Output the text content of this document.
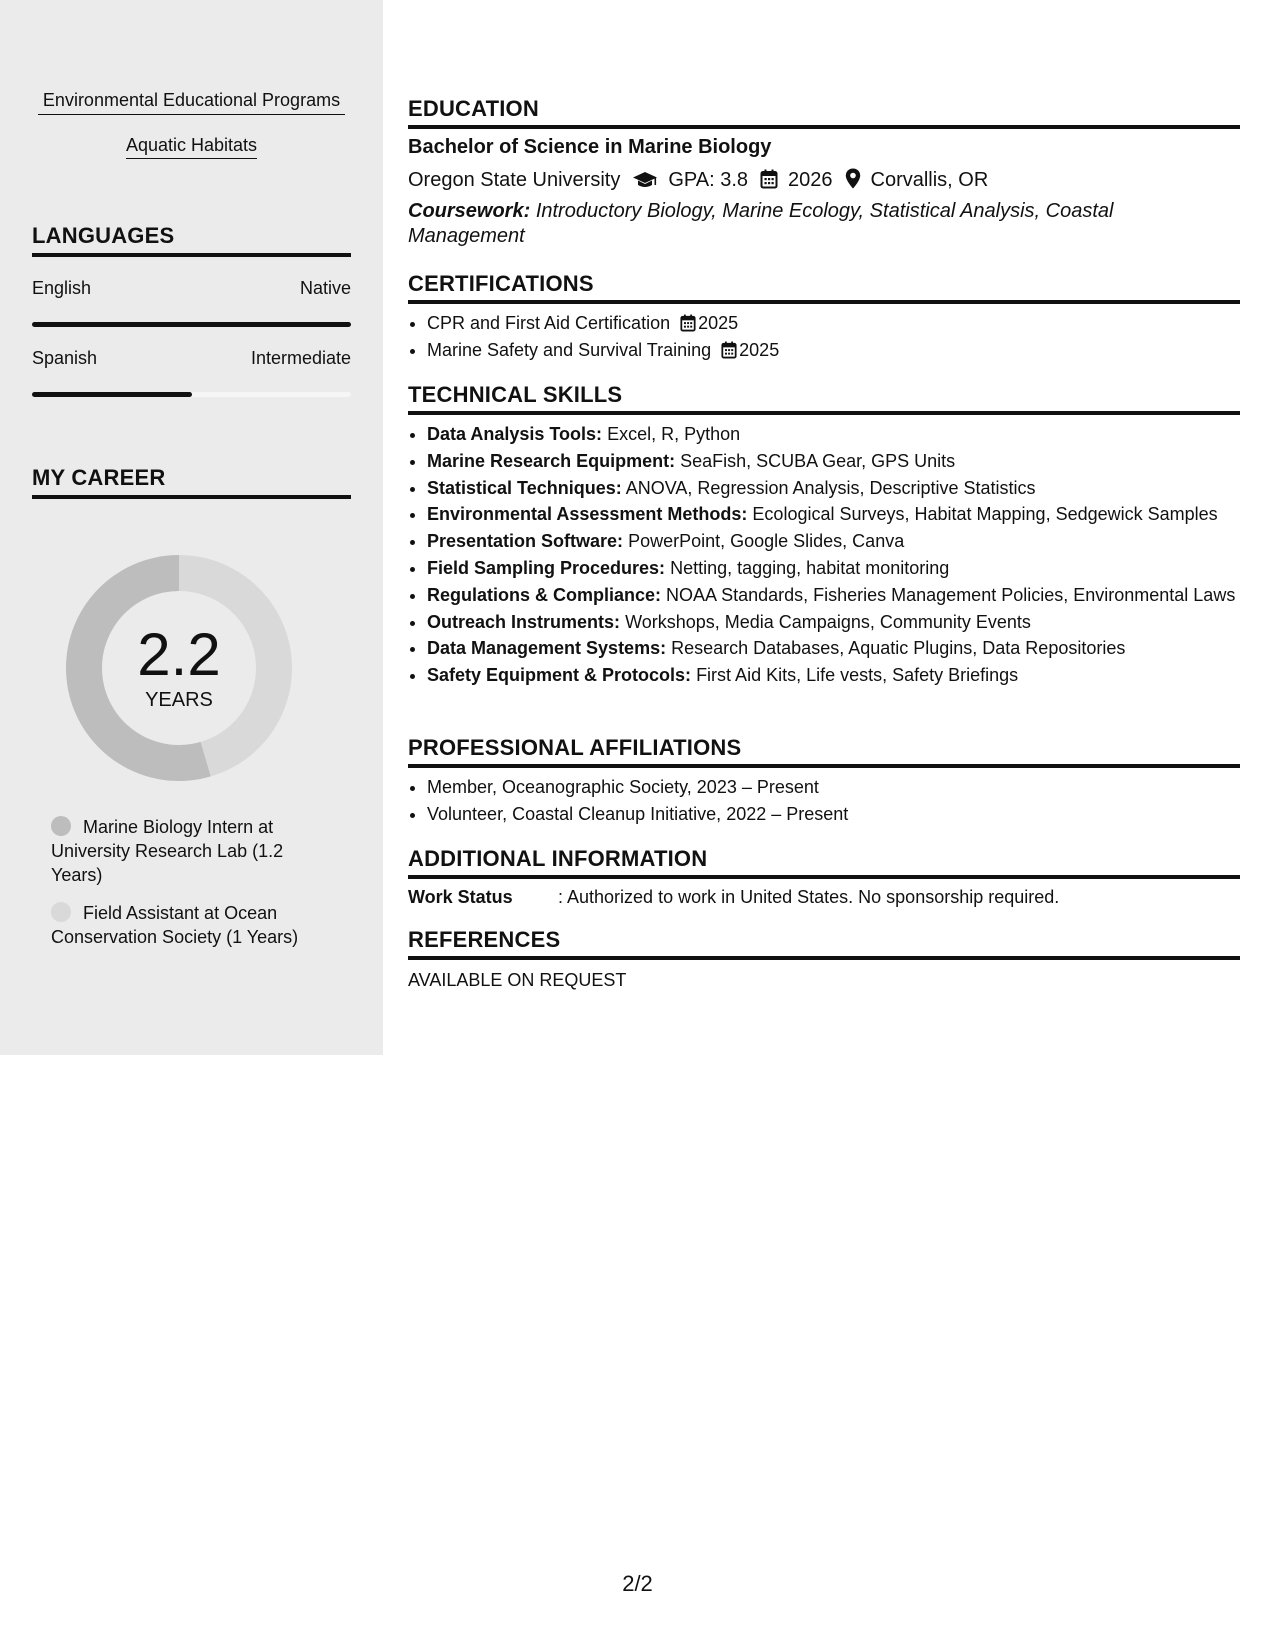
Environmental Educational Programs
Aquatic Habitats
LANGUAGES
English	Native
Spanish	Intermediate
MY CAREER
2.2
YEARS
Marine Biology Intern at University Research Lab (1.2 Years)
Field Assistant at Ocean Conservation Society (1 Years)
EDUCATION
Bachelor of Science in Marine Biology
Oregon State University GPA: 3.8 2026 Corvallis, OR
Coursework: Introductory Biology, Marine Ecology, Statistical Analysis, Coastal Management
CERTIFICATIONS
• CPR and First Aid Certification 2025
• Marine Safety and Survival Training 2025
TECHNICAL SKILLS
• Data Analysis Tools: Excel, R, Python
• Marine Research Equipment: SeaFish, SCUBA Gear, GPS Units
• Statistical Techniques: ANOVA, Regression Analysis, Descriptive Statistics
• Environmental Assessment Methods: Ecological Surveys, Habitat Mapping, Sedgewick Samples
• Presentation Software: PowerPoint, Google Slides, Canva
• Field Sampling Procedures: Netting, tagging, habitat monitoring
• Regulations & Compliance: NOAA Standards, Fisheries Management Policies, Environmental Laws
• Outreach Instruments: Workshops, Media Campaigns, Community Events
• Data Management Systems: Research Databases, Aquatic Plugins, Data Repositories
• Safety Equipment & Protocols: First Aid Kits, Life vests, Safety Briefings
PROFESSIONAL AFFILIATIONS
• Member, Oceanographic Society, 2023 – Present
• Volunteer, Coastal Cleanup Initiative, 2022 – Present
ADDITIONAL INFORMATION
Work Status	: Authorized to work in United States. No sponsorship required.
REFERENCES
AVAILABLE ON REQUEST
2/2
